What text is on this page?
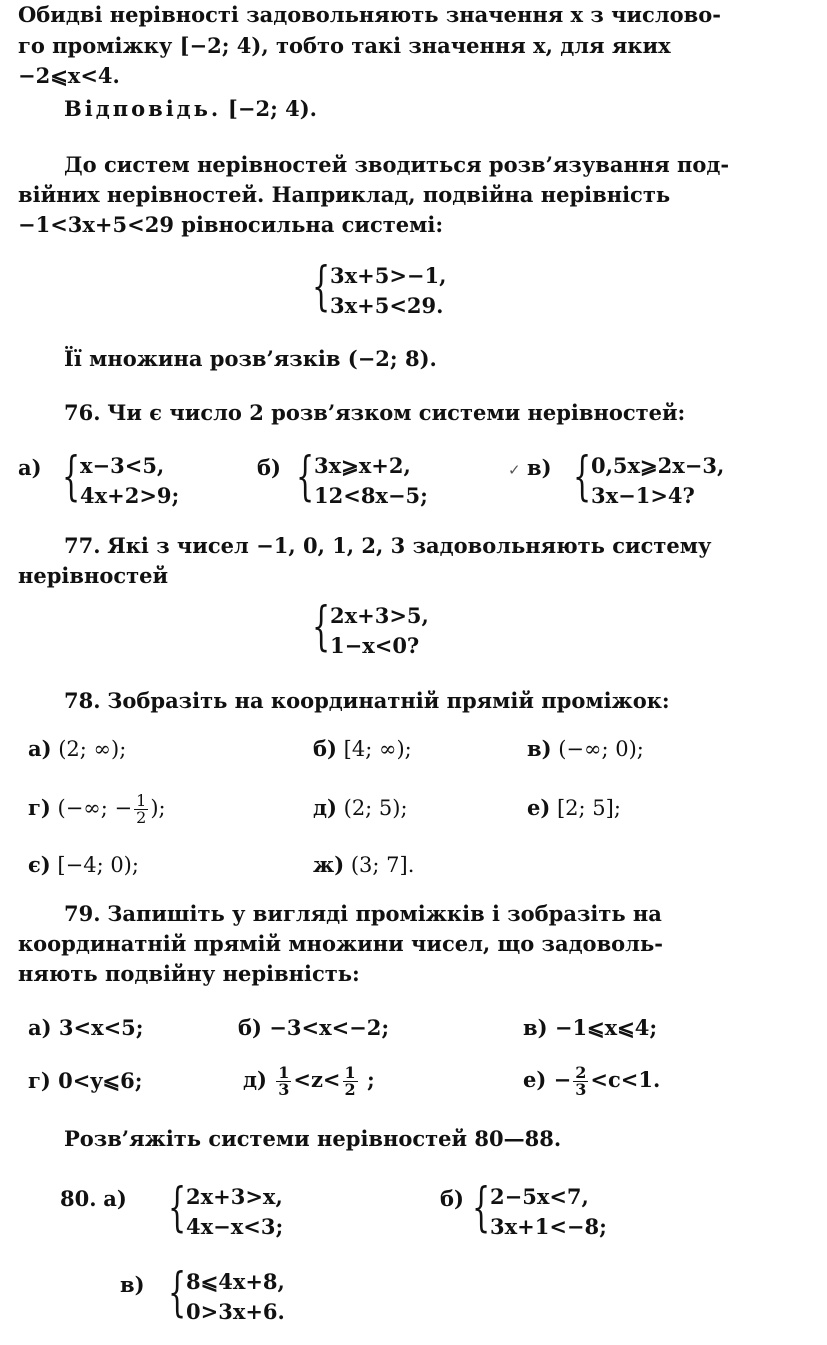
Обидві нерівності задовольняють значення x з числово-
го проміжку [−2; 4), тобто такі значення x, для яких
−2⩽x<4.
Відповідь. [−2; 4).
До систем нерівностей зводиться розв’язування под-
війних нерівностей. Наприклад, подвійна нерівність
−1<3x+5<29 рівносильна системі:
{ 3x+5>−1,
3x+5<29.
Її множина розв’язків (−2; 8).
76. Чи є число 2 розв’язком системи нерівностей:
а) { x−3<5,
4x+2>9;
б) { 3x⩾x+2,
12<8x−5;
✓ в) { 0,5x⩾2x−3,
3x−1>4?
77. Які з чисел −1, 0, 1, 2, 3 задовольняють систему
нерівностей
{ 2x+3>5,
1−x<0?
78. Зобразіть на координатній прямій проміжок:
а) (2; ∞);	б) [4; ∞);	в) (−∞; 0);
г) (−∞; − $\frac{1}{2}$ );	д) (2; 5);	е) [2; 5];
є) [−4; 0);	ж) (3; 7].
79. Запишіть у вигляді проміжків і зобразіть на
координатній прямій множини чисел, що задоволь-
няють подвійну нерівність:
а) 3<x<5;	б) −3<x<−2;	в) −1⩽x⩽4;
г) 0<y⩽6;	$д) \frac{1}{3} <z< \frac{1}{2}$ ;	$е) - \frac{2}{3} <c<1$.
Розв’яжіть системи нерівностей 80—88.
80. а) { 2x+3>x,
4x−x<3;
б) { 2−5x<7,
3x+1<−8;
в) { 8⩽4x+8,
0>3x+6.
